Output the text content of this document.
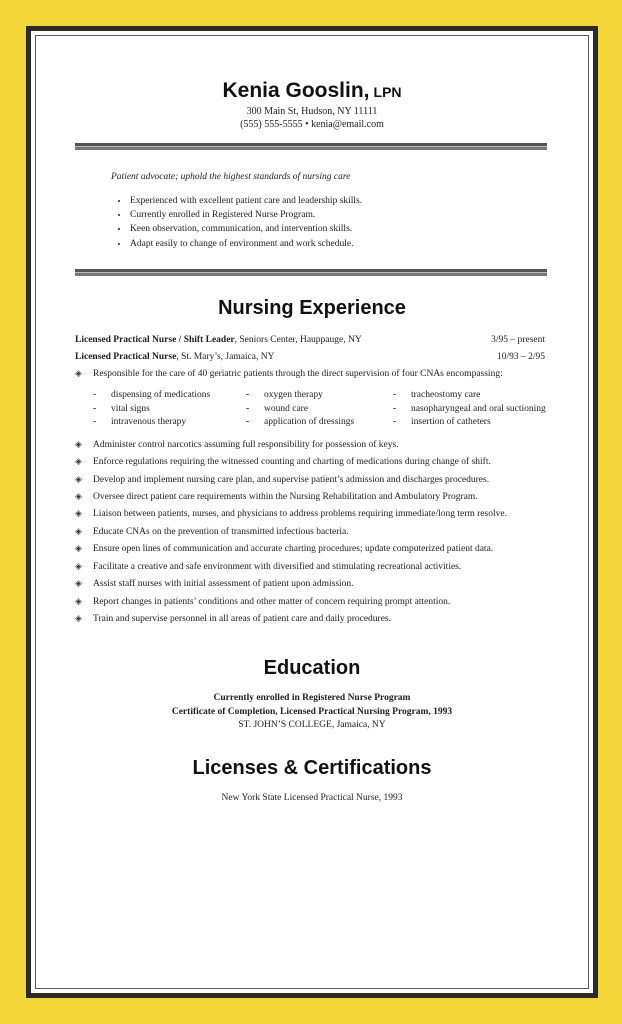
Kenia Gooslin, LPN
300 Main St, Hudson, NY 11111
(555) 555-5555 • kenia@email.com
Patient advocate; uphold the highest standards of nursing care
• Experienced with excellent patient care and leadership skills.
• Currently enrolled in Registered Nurse Program.
• Keen observation, communication, and intervention skills.
• Adapt easily to change of environment and work schedule.
Nursing Experience
Licensed Practical Nurse / Shift Leader, Seniors Center, Hauppauge, NY	3/95 – present
Licensed Practical Nurse, St. Mary’s, Jamaica, NY	10/93 – 2/95
◈ Responsible for the care of 40 geriatric patients through the direct supervision of four CNAs encompassing:
- dispensing of medications
- vital signs
- intravenous therapy
- oxygen therapy
- wound care
- application of dressings
- tracheostomy care
- nasopharyngeal and oral suctioning
- insertion of catheters
◈ Administer control narcotics assuming full responsibility for possession of keys.
◈ Enforce regulations requiring the witnessed counting and charting of medications during change of shift.
◈ Develop and implement nursing care plan, and supervise patient’s admission and discharges procedures.
◈ Oversee direct patient care requirements within the Nursing Rehabilitation and Ambulatory Program.
◈ Liaison between patients, nurses, and physicians to address problems requiring immediate/long term resolve.
◈ Educate CNAs on the prevention of transmitted infectious bacteria.
◈ Ensure open lines of communication and accurate charting procedures; update computerized patient data.
◈ Facilitate a creative and safe environment with diversified and stimulating recreational activities.
◈ Assist staff nurses with initial assessment of patient upon admission.
◈ Report changes in patients’ conditions and other matter of concern requiring prompt attention.
◈ Train and supervise personnel in all areas of patient care and daily procedures.
Education
Currently enrolled in Registered Nurse Program
Certificate of Completion, Licensed Practical Nursing Program, 1993
ST. JOHN’S COLLEGE, Jamaica, NY
Licenses & Certifications
New York State Licensed Practical Nurse, 1993
